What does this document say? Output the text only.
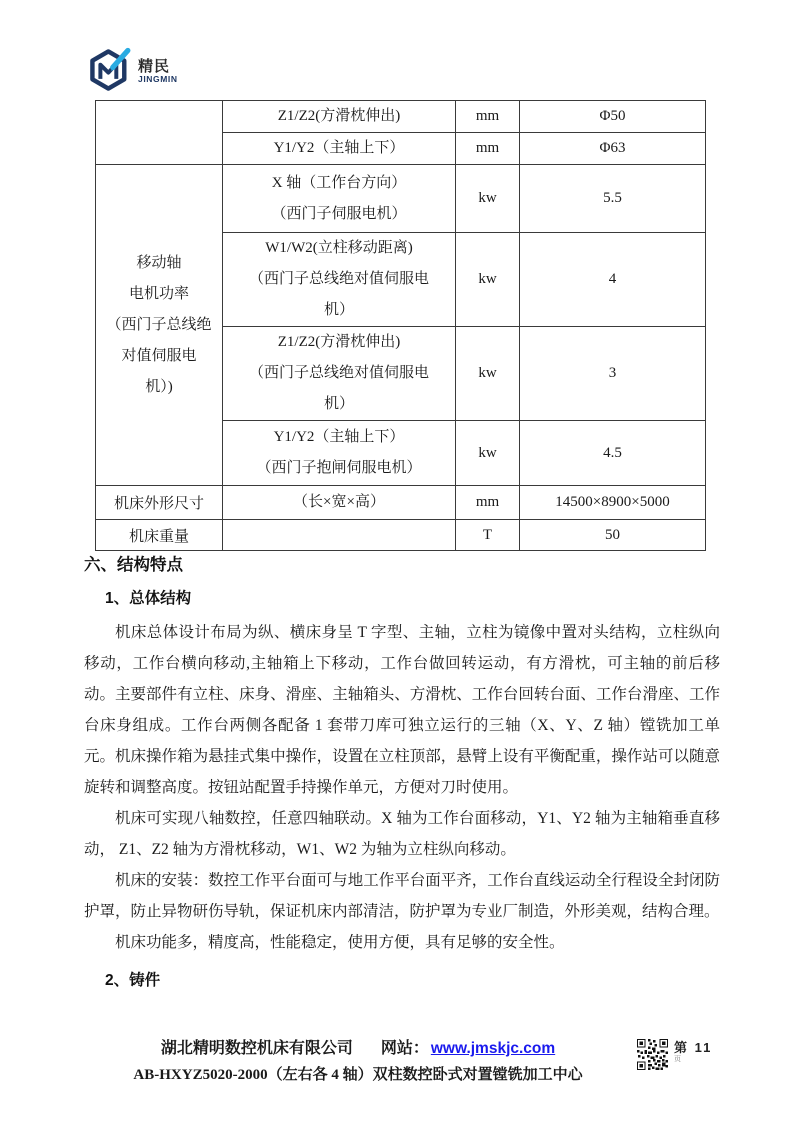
精民
JINGMIN

	Z1/Z2(方滑枕伸出)	mm	Φ50

	Y1/Y2（主轴上下）	mm	Φ63

移动轴
电机功率
（西门子总线绝
对值伺服电
机）)

X 轴（工作台方向）
（西门子伺服电机）
	kw	5.5

	W1/W2(立柱移动距离)
（西门子总线绝对值伺服电
机）	kw	4

	Z1/Z2(方滑枕伸出)
（西门子总线绝对值伺服电
机）	kw	3

	Y1/Y2（主轴上下）
（西门子抱闸伺服电机）	kw	4.5
机床外形尺寸	（长×宽×高）	mm	14500×8900×5000
机床重量		T	50
六、结构特点
1、总体结构

机床总体设计布局为纵、横床身呈 T 字型、主轴，立柱为镜像中置对头结构，立柱纵向移动，工作台横向移动,主轴箱上下移动，工作台做回转运动，有方滑枕，可主轴的前后移动。主要部件有立柱、床身、滑座、主轴箱头、方滑枕、工作台回转台面、工作台滑座、工作台床身组成。工作台两侧各配备 1 套带刀库可独立运行的三轴（X、Y、Z 轴）镗铣加工单元。机床操作箱为悬挂式集中操作，设置在立柱顶部，悬臂上设有平衡配重，操作站可以随意旋转和调整高度。按钮站配置手持操作单元，方便对刀时使用。

机床可实现八轴数控，任意四轴联动。X 轴为工作台面移动，Y1、Y2 轴为主轴箱垂直移动， Z1、Z2 轴为方滑枕移动，W1、W2 为轴为立柱纵向移动。

机床的安装：数控工作平台面可与地工作平台面平齐，工作台直线运动全行程设全封闭防护罩，防止异物研伤导轨，保证机床内部清洁，防护罩为专业厂制造，外形美观，结构合理。

机床功能多，精度高，性能稳定，使用方便，具有足够的安全性。

2、铸件
湖北精明数控机床有限公司 网站： www.jmskjc.com
AB-HXYZ5020-2000（左右各 4 轴）双柱数控卧式对置镗铣加工中心
第 11
页
